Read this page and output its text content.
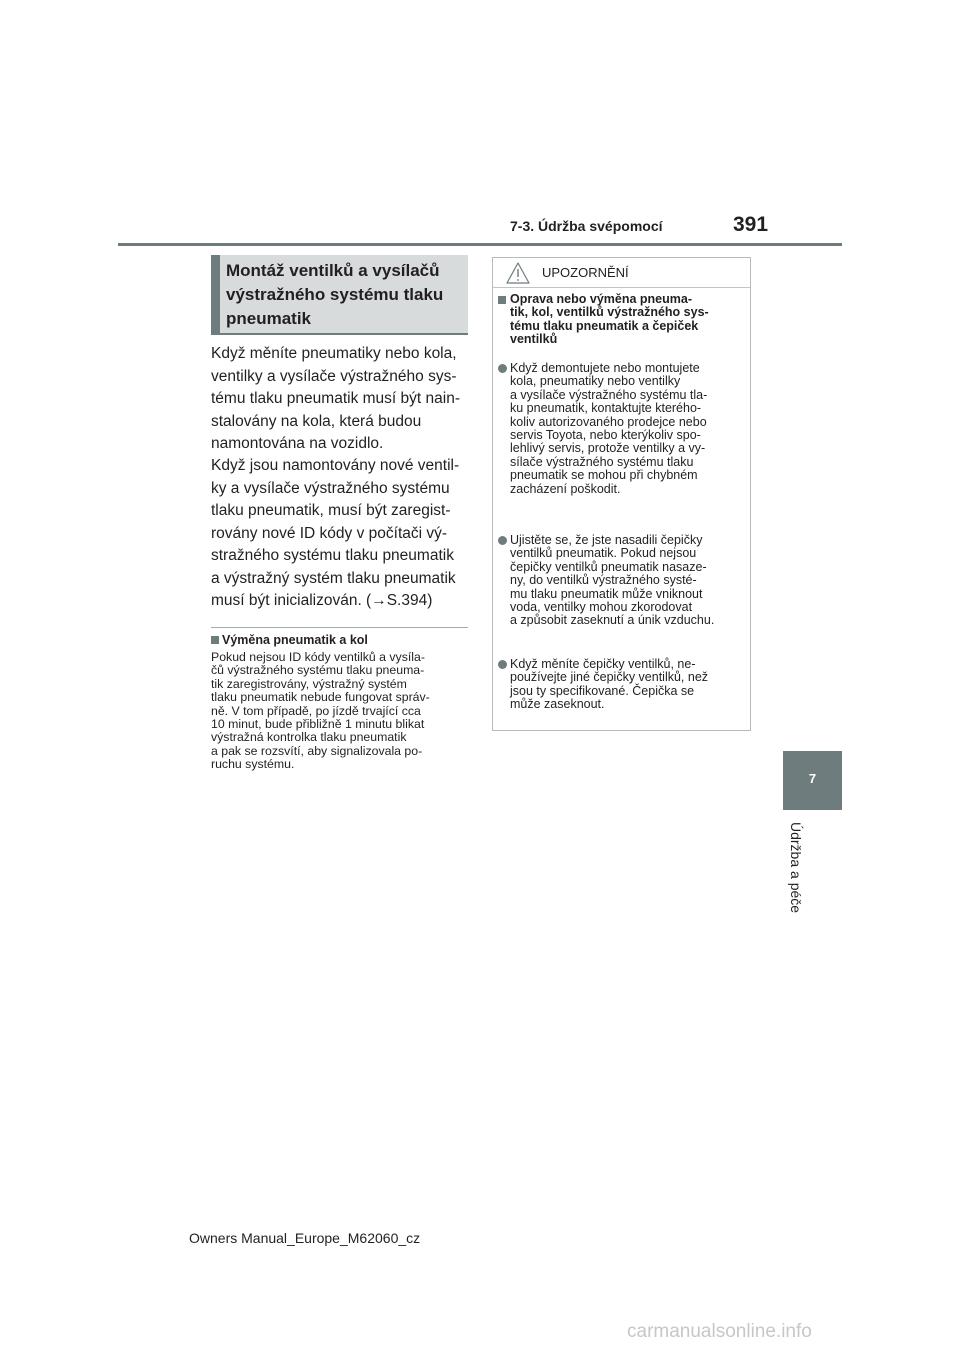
7-3. Údržba svépomocí	391
Montáž ventilků a vysílačů
výstražného systému tlaku
pneumatik
Když měníte pneumatiky nebo kola,
ventilky a vysílače výstražného sys-
tému tlaku pneumatik musí být nain-
stalovány na kola, která budou
namontována na vozidlo.
Když jsou namontovány nové ventil-
ky a vysílače výstražného systému
tlaku pneumatik, musí být zaregist-
rovány nové ID kódy v počítači vý-
stražného systému tlaku pneumatik
a výstražný systém tlaku pneumatik
musí být inicializován. (→S.394)
Výměna pneumatik a kol
Pokud nejsou ID kódy ventilků a vysíla-
čů výstražného systému tlaku pneuma-
tik zaregistrovány, výstražný systém
tlaku pneumatik nebude fungovat správ-
ně. V tom případě, po jízdě trvající cca
10 minut, bude přibližně 1 minutu blikat
výstražná kontrolka tlaku pneumatik
a pak se rozsvítí, aby signalizovala po-
ruchu systému.
UPOZORNĚNÍ
Oprava nebo výměna pneuma-
tik, kol, ventilků výstražného sys-
tému tlaku pneumatik a čepiček
ventilků
Když demontujete nebo montujete
kola, pneumatiky nebo ventilky
a vysílače výstražného systému tla-
ku pneumatik, kontaktujte kterého-
koliv autorizovaného prodejce nebo
servis Toyota, nebo kterýkoliv spo-
lehlivý servis, protože ventilky a vy-
sílače výstražného systému tlaku
pneumatik se mohou při chybném
zacházení poškodit.
Ujistěte se, že jste nasadili čepičky
ventilků pneumatik. Pokud nejsou
čepičky ventilků pneumatik nasaze-
ny, do ventilků výstražného systé-
mu tlaku pneumatik může vniknout
voda, ventilky mohou zkorodovat
a způsobit zaseknutí a únik vzduchu.
Když měníte čepičky ventilků, ne-
používejte jiné čepičky ventilků, než
jsou ty specifikované. Čepička se
může zaseknout.
7
Údržba a péče
Owners Manual_Europe_M62060_cz
carmanualsonline.info
